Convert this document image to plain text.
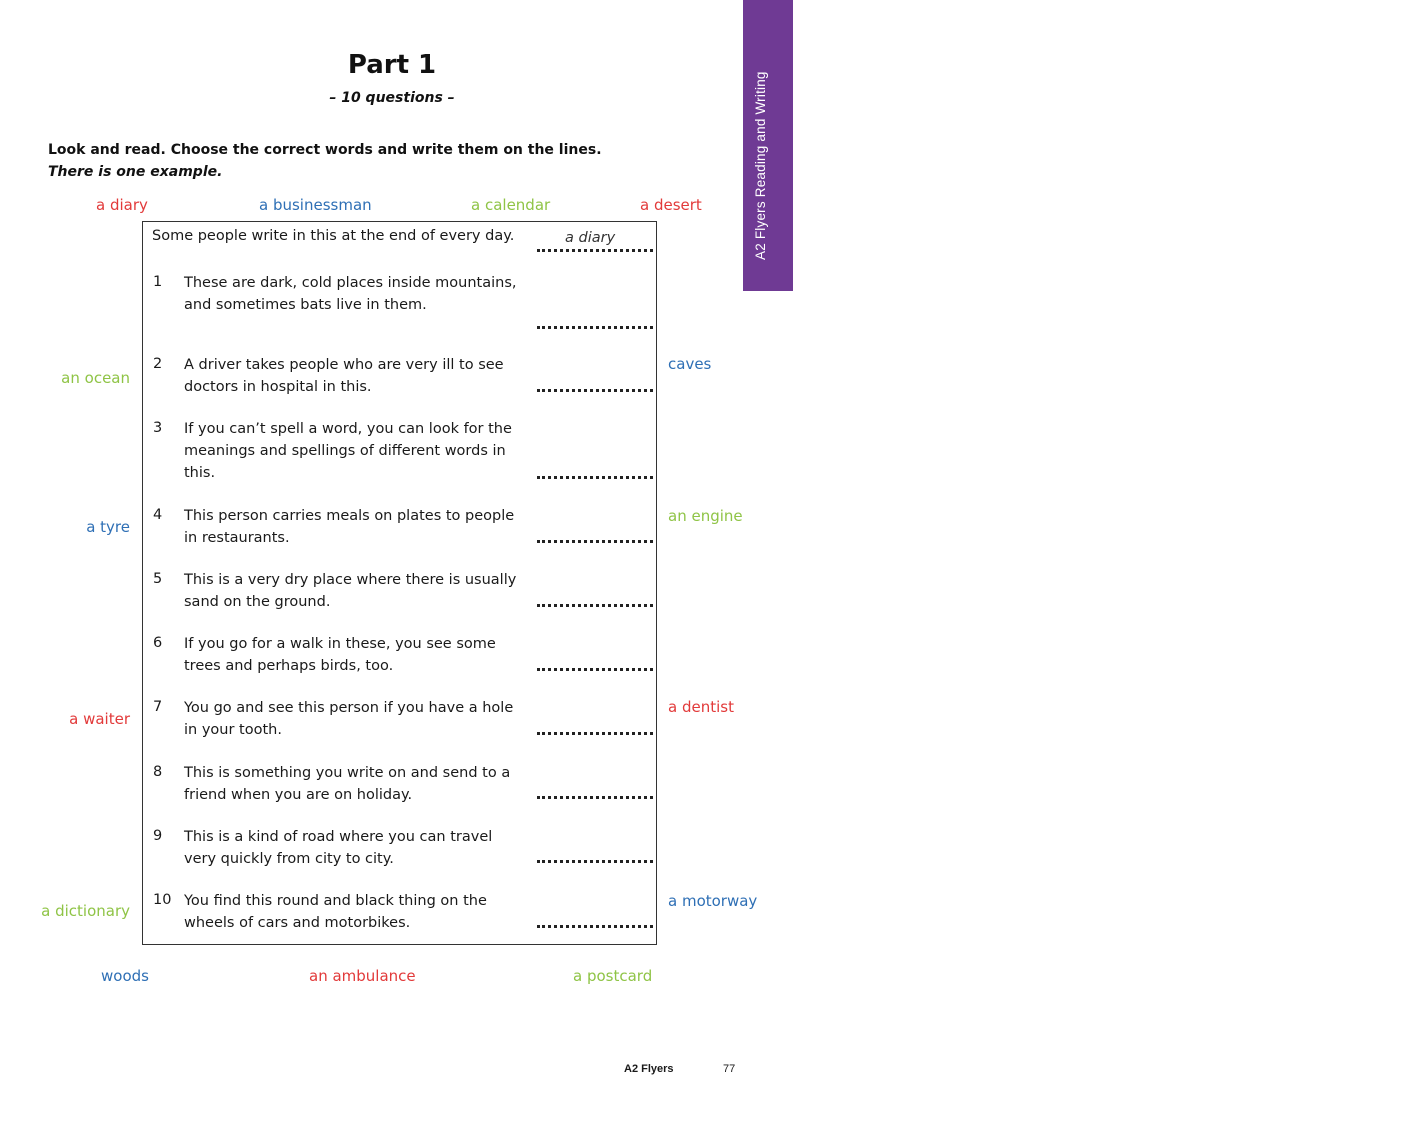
Part 1
– 10 questions –
Look and read. Choose the correct words and write them on the lines.
There is one example.	A2 Flyers Reading and Writing
a diary	a businessman	a calendar	a desert
an ocean
caves
a tyre
an engine
a waiter
a dentist
a dictionary
a motorway
woods	an ambulance	a postcard
Some people write in this at the end of every day.	a diary
1 These are dark, cold places inside mountains, and sometimes bats live in them.
2 A driver takes people who are very ill to see doctors in hospital in this.
3 If you can’t spell a word, you can look for the meanings and spellings of different words in this.
4 This person carries meals on plates to people in restaurants.
5 This is a very dry place where there is usually sand on the ground.
6 If you go for a walk in these, you see some trees and perhaps birds, too.
7 You go and see this person if you have a hole in your tooth.
8 This is something you write on and send to a friend when you are on holiday.
9 This is a kind of road where you can travel very quickly from city to city.
10 You find this round and black thing on the wheels of cars and motorbikes.
A2 Flyers	77
